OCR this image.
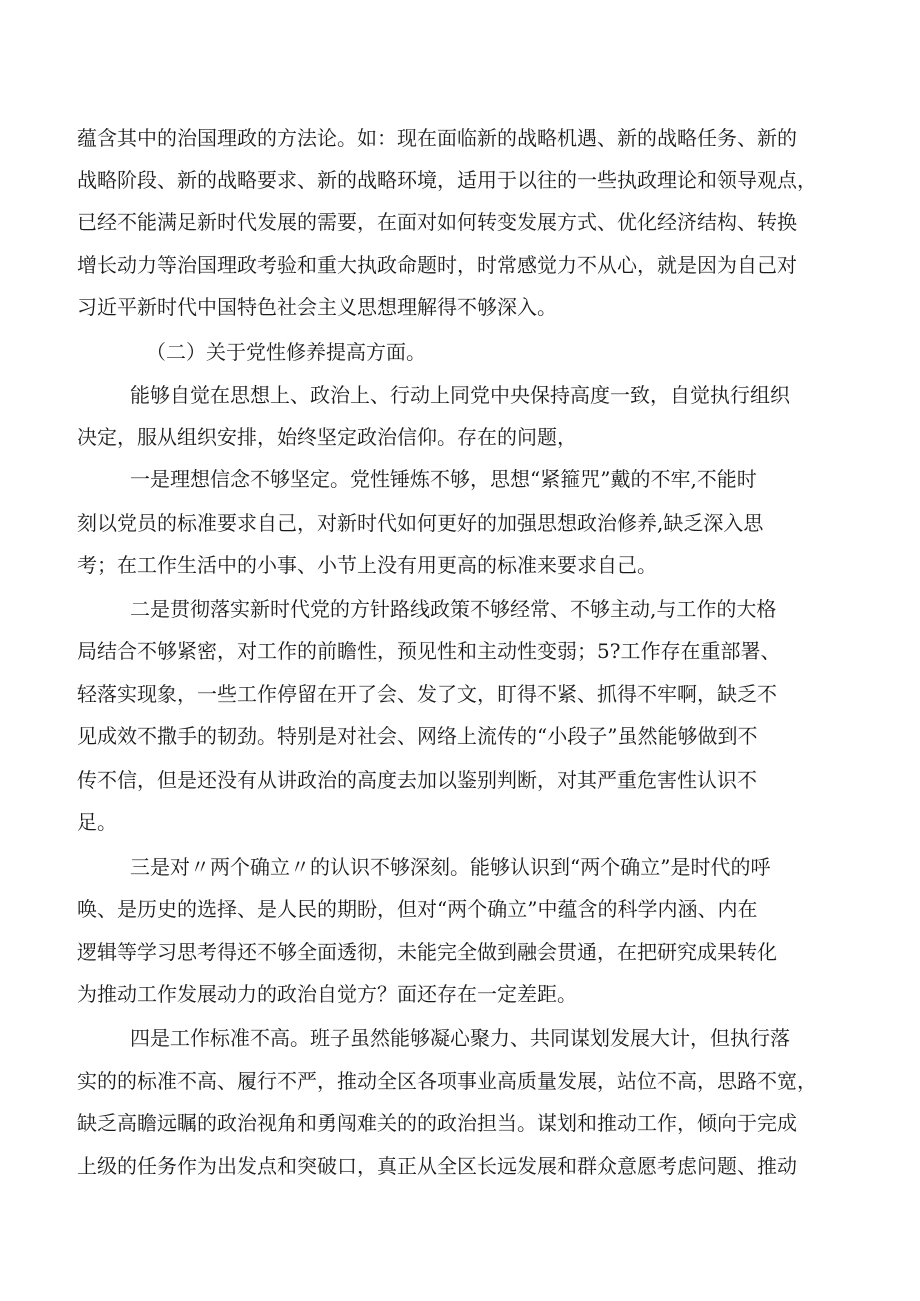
蕴含其中的治国理政的方法论。如：现在面临新的战略机遇、新的战略任务、新的
战略阶段、新的战略要求、新的战略环境，适用于以往的一些执政理论和领导观点，
已经不能满足新时代发展的需要，在面对如何转变发展方式、优化经济结构、转换
增长动力等治国理政考验和重大执政命题时，时常感觉力不从心，就是因为自己对
习近平新时代中国特色社会主义思想理解得不够深入。
（二）关于党性修养提高方面。
能够自觉在思想上、政治上、行动上同党中央保持高度一致，自觉执行组织
决定，服从组织安排，始终坚定政治信仰。存在的问题，
一是理想信念不够坚定。党性锤炼不够，思想“紧箍咒”戴的不牢,不能时
刻以党员的标准要求自己，对新时代如何更好的加强思想政治修养,缺乏深入思
考；在工作生活中的小事、小节上没有用更高的标准来要求自己。
二是贯彻落实新时代党的方针路线政策不够经常、不够主动,与工作的大格
局结合不够紧密，对工作的前瞻性，预见性和主动性变弱；5?工作存在重部署、
轻落实现象，一些工作停留在开了会、发了文，盯得不紧、抓得不牢啊，缺乏不
见成效不撒手的韧劲。特别是对社会、网络上流传的“小段子”虽然能够做到不
传不信，但是还没有从讲政治的高度去加以鉴别判断，对其严重危害性认识不
足。
三是对〃两个确立〃的认识不够深刻。能够认识到“两个确立”是时代的呼
唤、是历史的选择、是人民的期盼，但对“两个确立”中蕴含的科学内涵、内在
逻辑等学习思考得还不够全面透彻，未能完全做到融会贯通，在把研究成果转化
为推动工作发展动力的政治自觉方？面还存在一定差距。
四是工作标准不高。班子虽然能够凝心聚力、共同谋划发展大计，但执行落
实的的标准不高、履行不严，推动全区各项事业高质量发展，站位不高，思路不宽，
缺乏高瞻远瞩的政治视角和勇闯难关的的政治担当。谋划和推动工作，倾向于完成
上级的任务作为出发点和突破口，真正从全区长远发展和群众意愿考虑问题、推动
